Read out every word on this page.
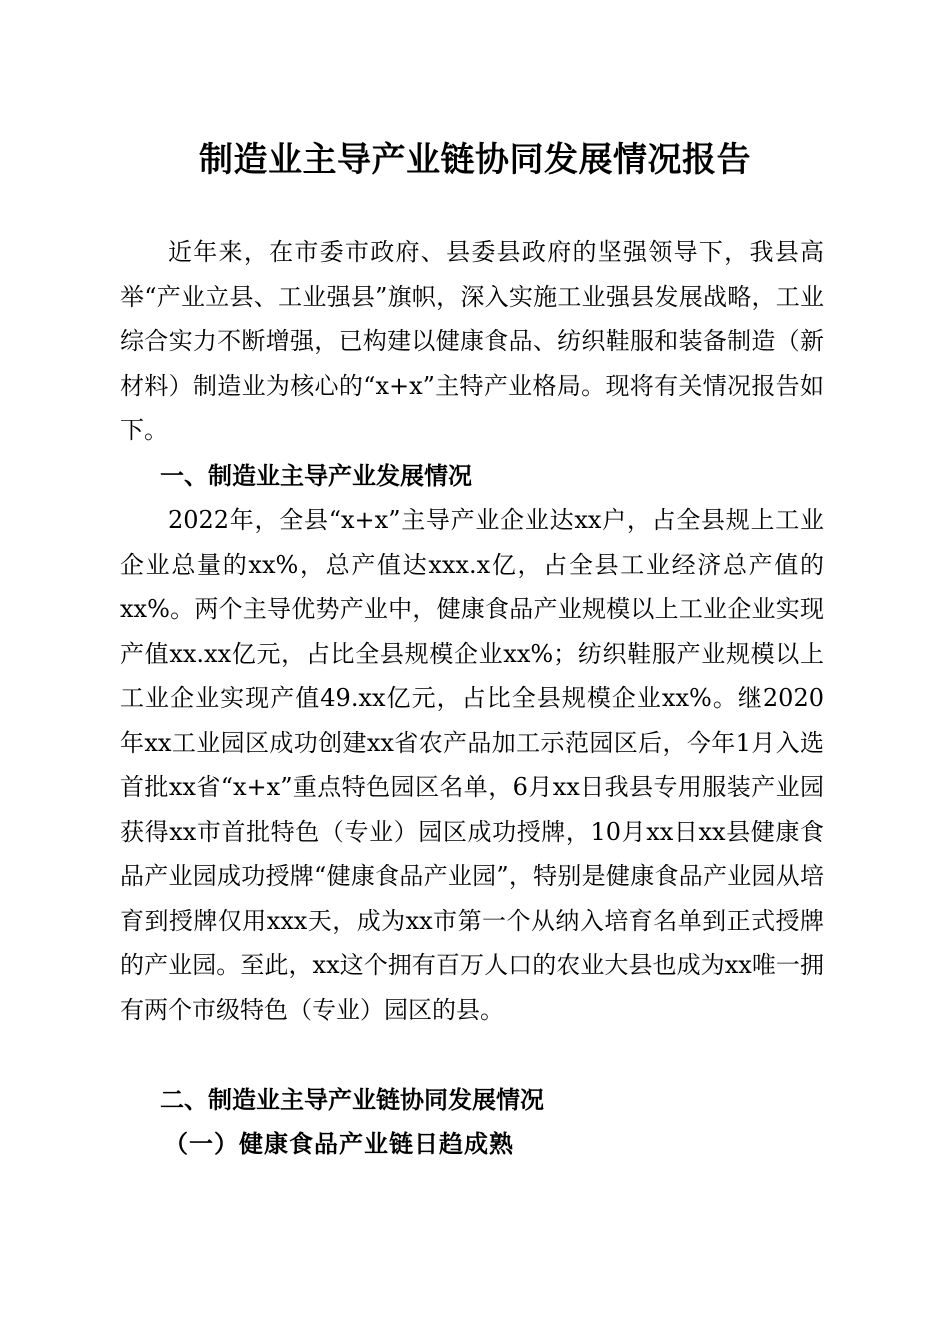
制造业主导产业链协同发展情况报告

近年来，在市委市政府、县委县政府的坚强领导下，我县高举“产业立县、工业强县”旗帜，深入实施工业强县发展战略，工业综合实力不断增强，已构建以健康食品、纺织鞋服和装备制造（新材料）制造业为核心的“x+x”主特产业格局。现将有关情况报告如下。

一、制造业主导产业发展情况

2022年，全县“x+x”主导产业企业达xx户，占全县规上工业企业总量的xx%，总产值达xxx.x亿，占全县工业经济总产值的xx%。两个主导优势产业中，健康食品产业规模以上工业企业实现产值xx.xx亿元，占比全县规模企业xx%；纺织鞋服产业规模以上工业企业实现产值49.xx亿元，占比全县规模企业xx%。继2020年xx工业园区成功创建xx省农产品加工示范园区后，今年1月入选首批xx省“x+x”重点特色园区名单，6月xx日我县专用服装产业园获得xx市首批特色（专业）园区成功授牌，10月xx日xx县健康食品产业园成功授牌“健康食品产业园”，特别是健康食品产业园从培育到授牌仅用xxx天，成为xx市第一个从纳入培育名单到正式授牌的产业园。至此，xx这个拥有百万人口的农业大县也成为xx唯一拥有两个市级特色（专业）园区的县。

二、制造业主导产业链协同发展情况
（一）健康食品产业链日趋成熟
